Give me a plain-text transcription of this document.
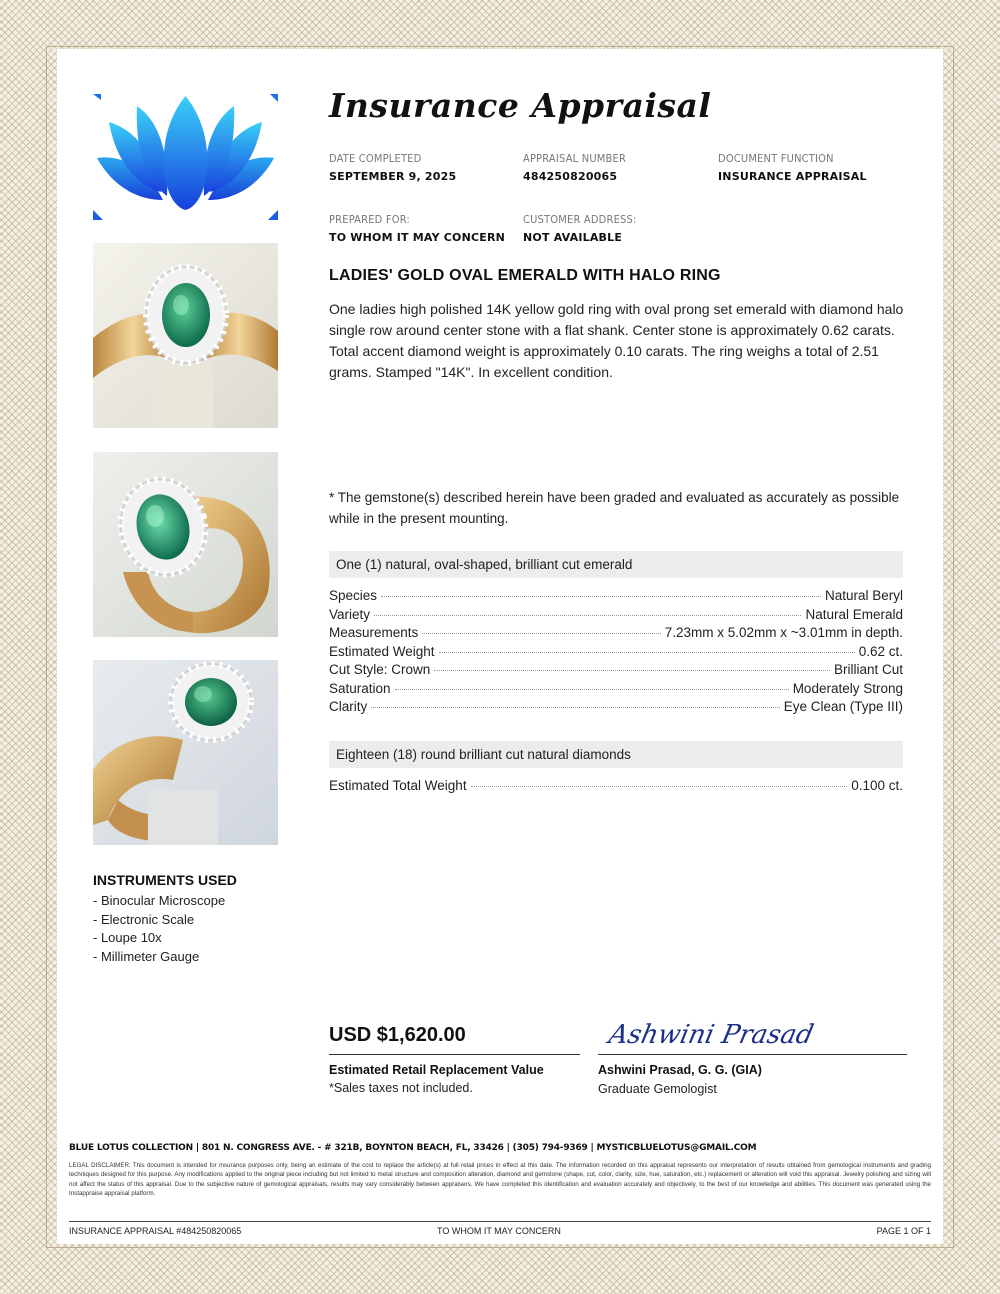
Insurance Appraisal
DATE COMPLETED
SEPTEMBER 9, 2025
APPRAISAL NUMBER
484250820065
DOCUMENT FUNCTION
INSURANCE APPRAISAL
PREPARED FOR:
TO WHOM IT MAY CONCERN
CUSTOMER ADDRESS:
NOT AVAILABLE
LADIES' GOLD OVAL EMERALD WITH HALO RING
One ladies high polished 14K yellow gold ring with oval prong set emerald with diamond halo single row around center stone with a flat shank. Center stone is approximately 0.62 carats. Total accent diamond weight is approximately 0.10 carats. The ring weighs a total of 2.51 grams. Stamped "14K". In excellent condition.
* The gemstone(s) described herein have been graded and evaluated as accurately as possible while in the present mounting.
One (1) natural, oval-shaped, brilliant cut emerald
Species	Natural Beryl
Variety	Natural Emerald
Measurements	7.23mm x 5.02mm x ~3.01mm in depth.
Estimated Weight	0.62 ct.
Cut Style: Crown	Brilliant Cut
Saturation	Moderately Strong
Clarity	Eye Clean (Type III)
Eighteen (18) round brilliant cut natural diamonds
Estimated Total Weight	0.100 ct.
INSTRUMENTS USED
- Binocular Microscope
- Electronic Scale
- Loupe 10x
- Millimeter Gauge
USD $1,620.00
Estimated Retail Replacement Value
*Sales taxes not included.
Ashwini Prasad
Ashwini Prasad, G. G. (GIA)
Graduate Gemologist
BLUE LOTUS COLLECTION | 801 N. CONGRESS AVE. - # 321B, BOYNTON BEACH, FL, 33426 | (305) 794-9369 | MYSTICBLUELOTUS@GMAIL.COM
LEGAL DISCLAIMER: This document is intended for insurance purposes only, being an estimate of the cost to replace the article(s) at full retail prices in effect at this date. The information recorded on this appraisal represents our interpretation of results obtained from gemological instruments and grading techniques designed for this purpose. Any modifications applied to the original piece including but not limited to metal structure and composition alteration, diamond and gemstone (shape, cut, color, clarity, size, hue, saturation, etc.) replacement or alteration will void this appraisal. Jewelry polishing and sizing will not affect the status of this appraisal. Due to the subjective nature of gemological appraisals, results may vary considerably between appraisers. We have completed this identification and evaluation accurately and objectively, to the best of our knowledge and abilities. This document was generated using the Instappraise appraisal platform.
INSURANCE APPRAISAL #484250820065	TO WHOM IT MAY CONCERN	PAGE 1 OF 1
